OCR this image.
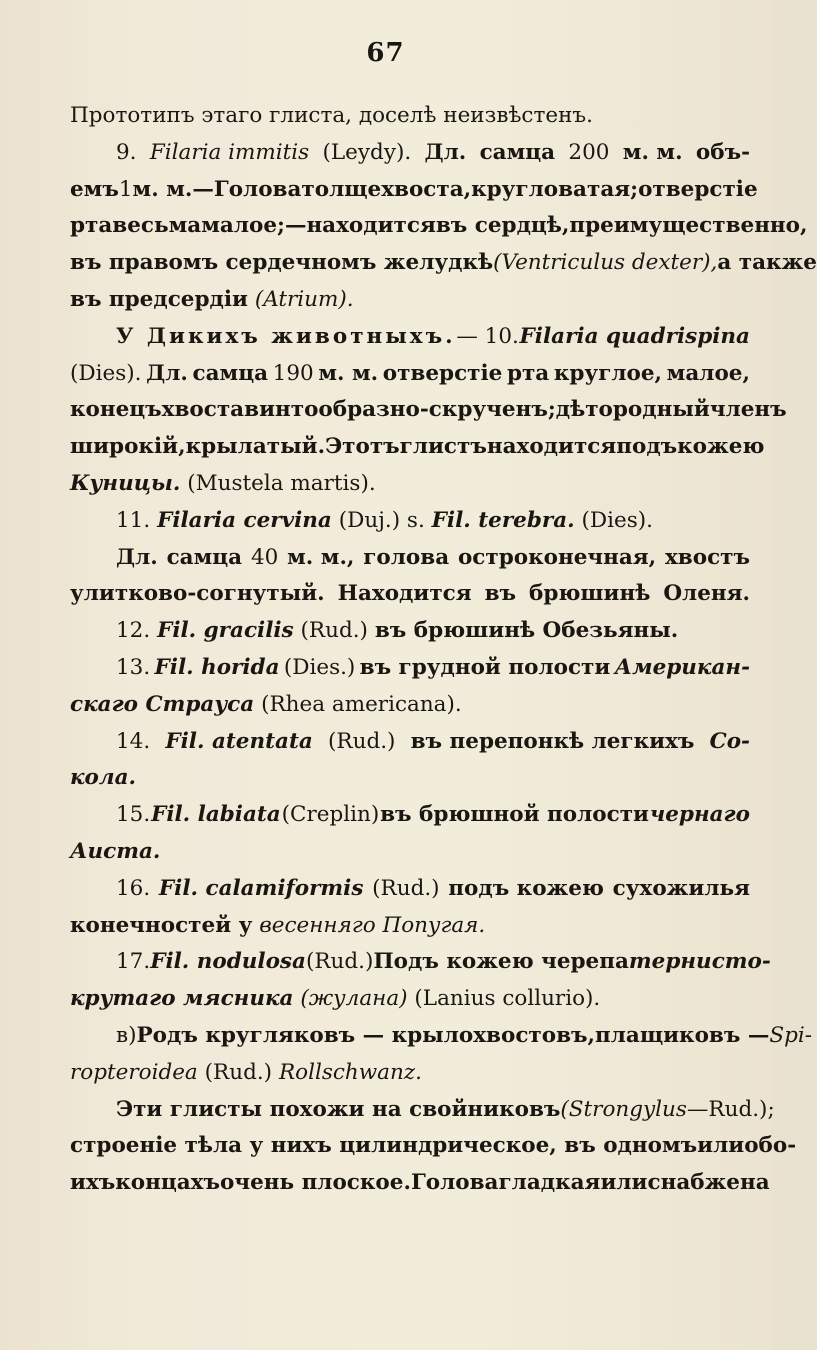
67
Прототипъ этаго глиста, доселѣ неизвѣстенъ.
9. Filaria immitis (Leydy). Дл. самца 200 м. м. объ-
емъ 1 м. м.—Голова толще хвоста, кругловатая; отверстіе
рта весьма малое;—находится въ сердцѣ, преимущественно,
въ правомъ сердечномъ желудкѣ (Ventriculus dexter), а также
въ предсердіи (Atrium).
У Дикихъ животныхъ. — 10. Filaria quadrispina
(Dies). Дл. самца 190 м. м. отверстіе рта круглое, малое,
конецъ хвоста винтообразно-скрученъ; дѣтородный членъ
широкій, крылатый. Этотъ глистъ находится подъ кожею
Куницы. (Mustela martis).
11. Filaria cervina (Duj.) s. Fil. terebra. (Dies).
Дл. самца 40 м. м., голова остроконечная, хвостъ
улитково-согнутый. Находится въ брюшинѣ Оленя.
12. Fil. gracilis (Rud.) въ брюшинѣ Обезьяны.
13. Fil. horida (Dies.) въ грудной полости Американ-
скаго Страуса (Rhea americana).
14. Fil. atentata (Rud.) въ перепонкѣ легкихъ Со-
кола.
15. Fil. labiata (Creplin) въ брюшной полости чернаго
Аиста.
16. Fil. calamiformis (Rud.) подъ кожею сухожилья
конечностей у весенняго Попугая.
17. Fil. nodulosa (Rud.) Подъ кожею черепа тернисто-
крутаго мясника (жулана) (Lanius collurio).
в) Родъ кругляковъ — крылохвостовъ, плащиковъ — Spi-
ropteroidea (Rud.) Rollschwanz.
Эти глисты похожи на свойниковъ (Strongylus— Rud.);
строеніе тѣла у нихъ цилиндрическое, въ одномъ или обо-
ихъ концахъ очень плоское. Голова гладкая или снабжена
